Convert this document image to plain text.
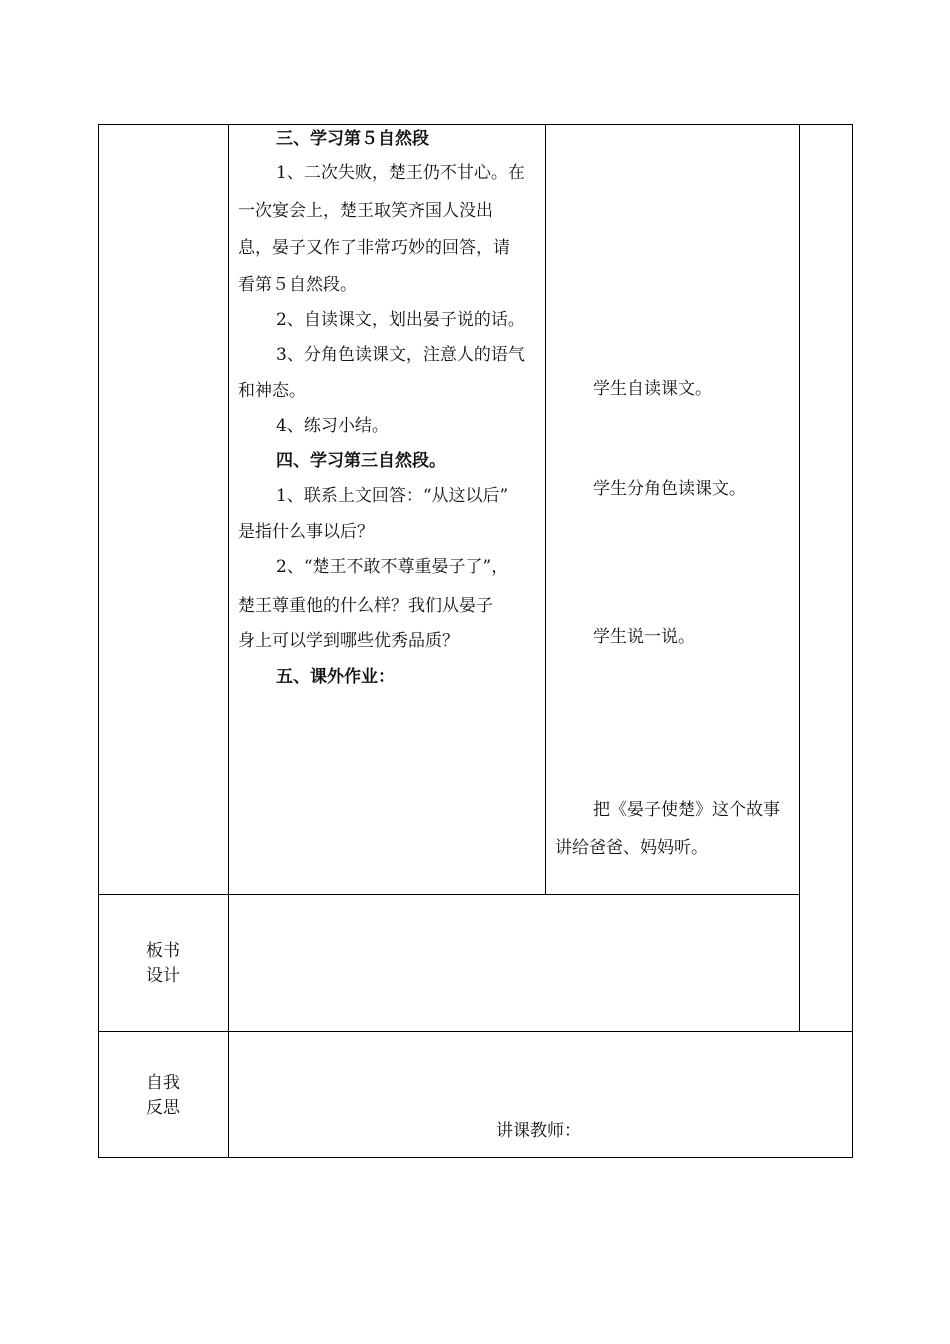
三、学习第５自然段
1、二次失败，楚王仍不甘心。在
一次宴会上，楚王取笑齐国人没出
息，晏子又作了非常巧妙的回答，请
看第５自然段。
2、自读课文，划出晏子说的话。
3、分角色读课文，注意人的语气
和神态。
4、练习小结。
四、学习第三自然段。
1、联系上文回答：“从这以后”
是指什么事以后？
2、“楚王不敢不尊重晏子了”，
楚王尊重他的什么样？我们从晏子
身上可以学到哪些优秀品质？
五、课外作业：
学生自读课文。
学生分角色读课文。
学生说一说。
把《晏子使楚》这个故事
讲给爸爸、妈妈听。
板书
设计
自我
反思
讲课教师：
